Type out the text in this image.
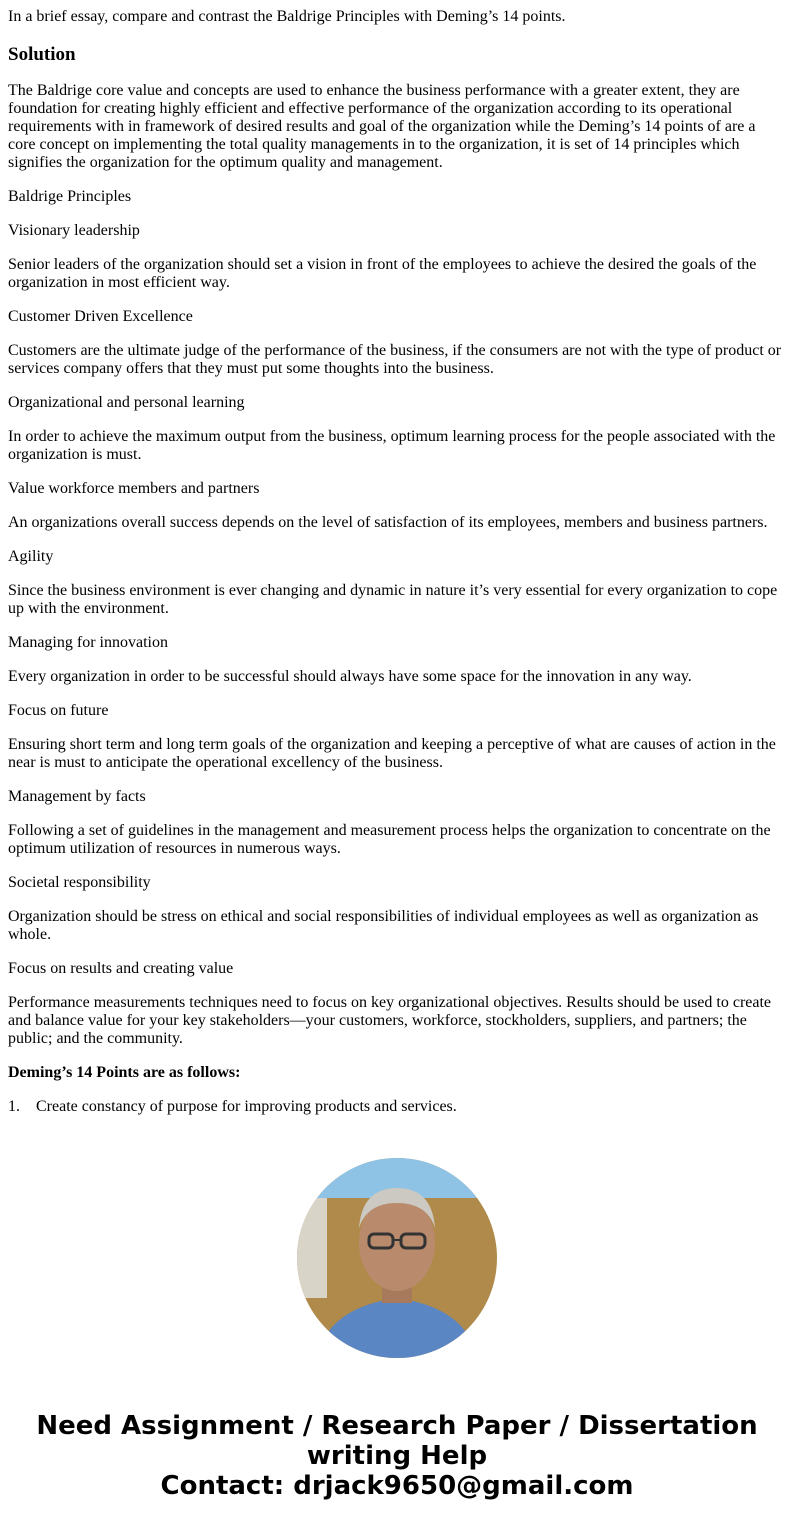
In a brief essay, compare and contrast the Baldrige Principles with Deming’s 14 points.

Solution

The Baldrige core value and concepts are used to enhance the business performance with a greater extent, they are foundation for creating highly efficient and effective performance of the organization according to its operational requirements with in framework of desired results and goal of the organization while the Deming’s 14 points of are a core concept on implementing the total quality managements in to the organization, it is set of 14 principles which signifies the organization for the optimum quality and management.

Baldrige Principles

Visionary leadership

Senior leaders of the organization should set a vision in front of the employees to achieve the desired the goals of the organization in most efficient way.

Customer Driven Excellence

Customers are the ultimate judge of the performance of the business, if the consumers are not with the type of product or services company offers that they must put some thoughts into the business.

Organizational and personal learning

In order to achieve the maximum output from the business, optimum learning process for the people associated with the organization is must.

Value workforce members and partners

An organizations overall success depends on the level of satisfaction of its employees, members and business partners.

Agility

Since the business environment is ever changing and dynamic in nature it’s very essential for every organization to cope up with the environment.

Managing for innovation

Every organization in order to be successful should always have some space for the innovation in any way.

Focus on future

Ensuring short term and long term goals of the organization and keeping a perceptive of what are causes of action in the near is must to anticipate the operational excellency of the business.

Management by facts

Following a set of guidelines in the management and measurement process helps the organization to concentrate on the optimum utilization of resources in numerous ways.

Societal responsibility

Organization should be stress on ethical and social responsibilities of individual employees as well as organization as whole.

Focus on results and creating value

Performance measurements techniques need to focus on key organizational objectives. Results should be used to create and balance value for your key stakeholders—your customers, workforce, stockholders, suppliers, and partners; the public; and the community.

Deming’s 14 Points are as follows:

1. Create constancy of purpose for improving products and services.

Need Assignment / Research Paper / Dissertation writing Help
Contact: drjack9650@gmail.com
